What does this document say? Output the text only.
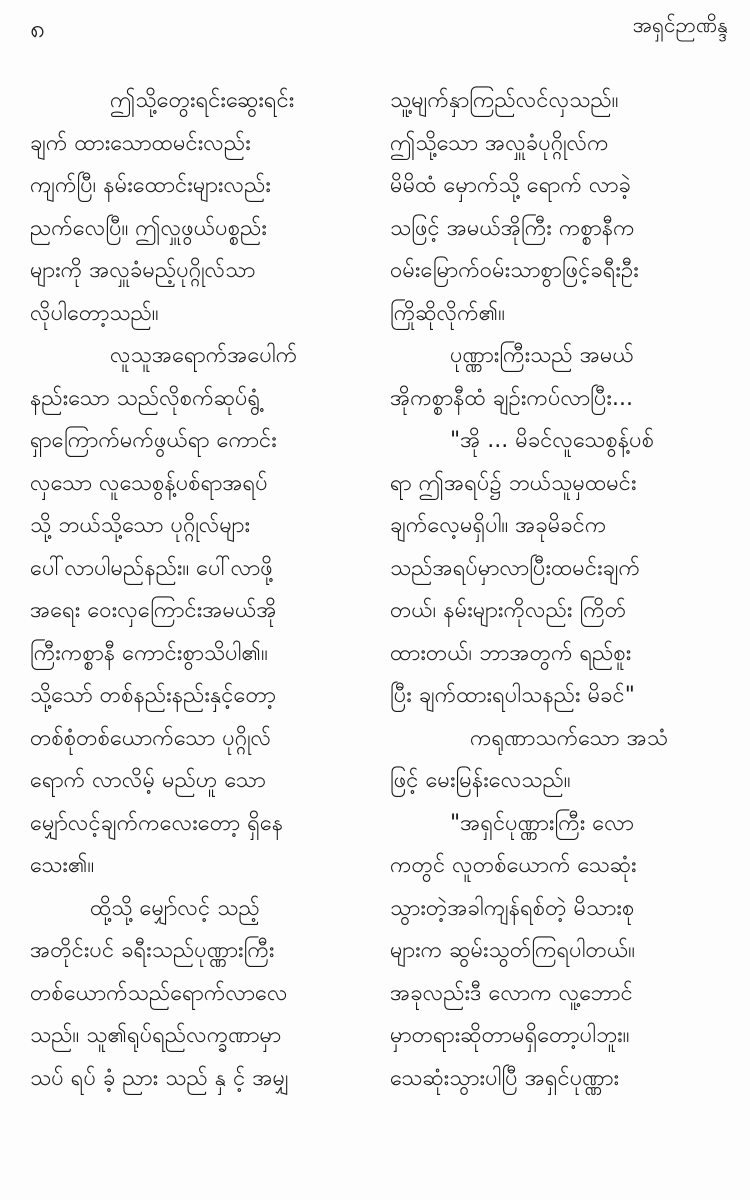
၈	အရှင်ဉာဏိန္ဒ
ဤသို့တွေးရင်းဆွေးရင်း
ချက် ထားသောထမင်းလည်း
ကျက်ပြီ၊ နမ်းထောင်းများလည်း
ညက်လေပြီ။ ဤလှူဖွယ်ပစ္စည်း
များကို အလှူခံမည့်ပုဂ္ဂိုလ်သာ
လိုပါတော့သည်။
လူသူအရောက်အပေါက်
နည်းသော သည်လိုစက်ဆုပ်ရွံ့
ရှာကြောက်မက်ဖွယ်ရာ ကောင်း
လှသော လူသေစွန့်ပစ်ရာအရပ်
သို့ ဘယ်သို့သော ပုဂ္ဂိုလ်များ
ပေါ်လာပါမည်နည်း။ ပေါ်လာဖို့
အရေး ဝေးလှကြောင်းအမယ်အို
ကြီးကစ္စာနီ ကောင်းစွာသိပါ၏။
သို့သော် တစ်နည်းနည်းနှင့်တော့
တစ်စုံတစ်ယောက်သော ပုဂ္ဂိုလ်
ရောက် လာလိမ့် မည်ဟူ သော
မျှော်လင့်ချက်ကလေးတော့ ရှိနေ
သေး၏။
ထို့သို့ မျှော်လင့် သည့်
အတိုင်းပင် ခရီးသည်ပုဏ္ဏားကြီး
တစ်ယောက်သည်ရောက်လာလေ
သည်။ သူ၏ရုပ်ရည်လက္ခဏာမှာ
သပ် ရပ် ခံ့ ညား သည် နှ င့် အမျှ
သူ့မျက်နှာကြည်လင်လှသည်။
ဤသို့သော အလှူခံပုဂ္ဂိုလ်က
မိမိထံ မှောက်သို့ ရောက် လာခဲ့
သဖြင့် အမယ်အိုကြီး ကစ္စာနီက
ဝမ်းမြောက်ဝမ်းသာစွာဖြင့်ခရီးဦး
ကြိုဆိုလိုက်၏။
ပုဏ္ဏားကြီးသည် အမယ်
အိုကစ္စာနီထံ ချဉ်းကပ်လာပြီး...
"အို ... မိခင်လူသေစွန့်ပစ်
ရာ ဤအရပ်၌ ဘယ်သူမှထမင်း
ချက်လေ့မရှိပါ။ အခုမိခင်က
သည်အရပ်မှာလာပြီးထမင်းချက်
တယ်၊ နမ်းများကိုလည်း ကြိတ်
ထားတယ်၊ ဘာအတွက် ရည်စူး
ပြီး ချက်ထားရပါသနည်း မိခင်"
ကရုဏာသက်သော အသံ
ဖြင့် မေးမြန်းလေသည်။
"အရှင်ပုဏ္ဏားကြီး လော
ကတွင် လူတစ်ယောက် သေဆုံး
သွားတဲ့အခါကျန်ရစ်တဲ့ မိသားစု
များက ဆွမ်းသွတ်ကြရပါတယ်။
အခုလည်းဒီ လောက လူ့ဘောင်
မှာတရားဆိုတာမရှိတော့ပါဘူး။
သေဆုံးသွားပါပြီ အရှင်ပုဏ္ဏား
